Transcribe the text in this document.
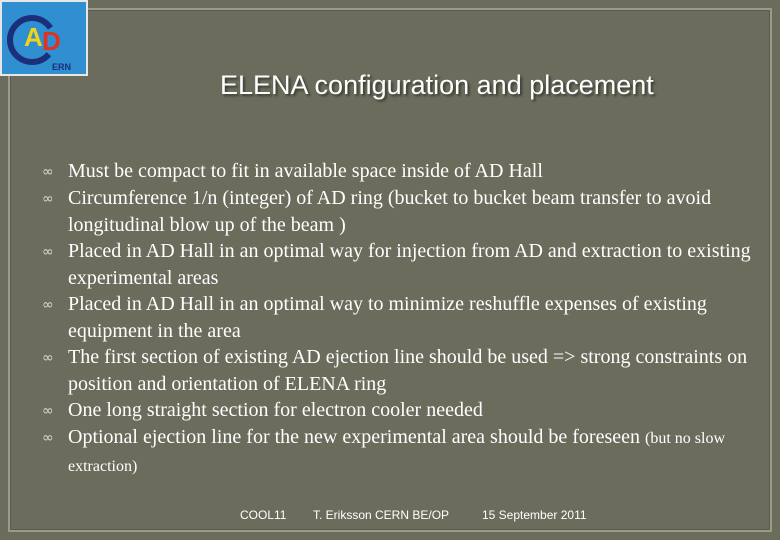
A D
ERN
ELENA configuration and placement
∞ Must be compact to fit in available space inside of AD Hall
∞ Circumference 1/n (integer) of AD ring (bucket to bucket beam transfer to avoid longitudinal blow up of the beam )
∞ Placed in AD Hall in an optimal way for injection from AD and extraction to existing experimental areas
∞ Placed in AD Hall in an optimal way to minimize reshuffle expenses of existing equipment in the area
∞ The first section of existing AD ejection line should be used => strong constraints on position and orientation of ELENA ring
∞ One long straight section for electron cooler needed
∞ Optional ejection line for the new experimental area should be foreseen (but no slow extraction)
COOL11 T. Eriksson CERN BE/OP	15 September 2011
